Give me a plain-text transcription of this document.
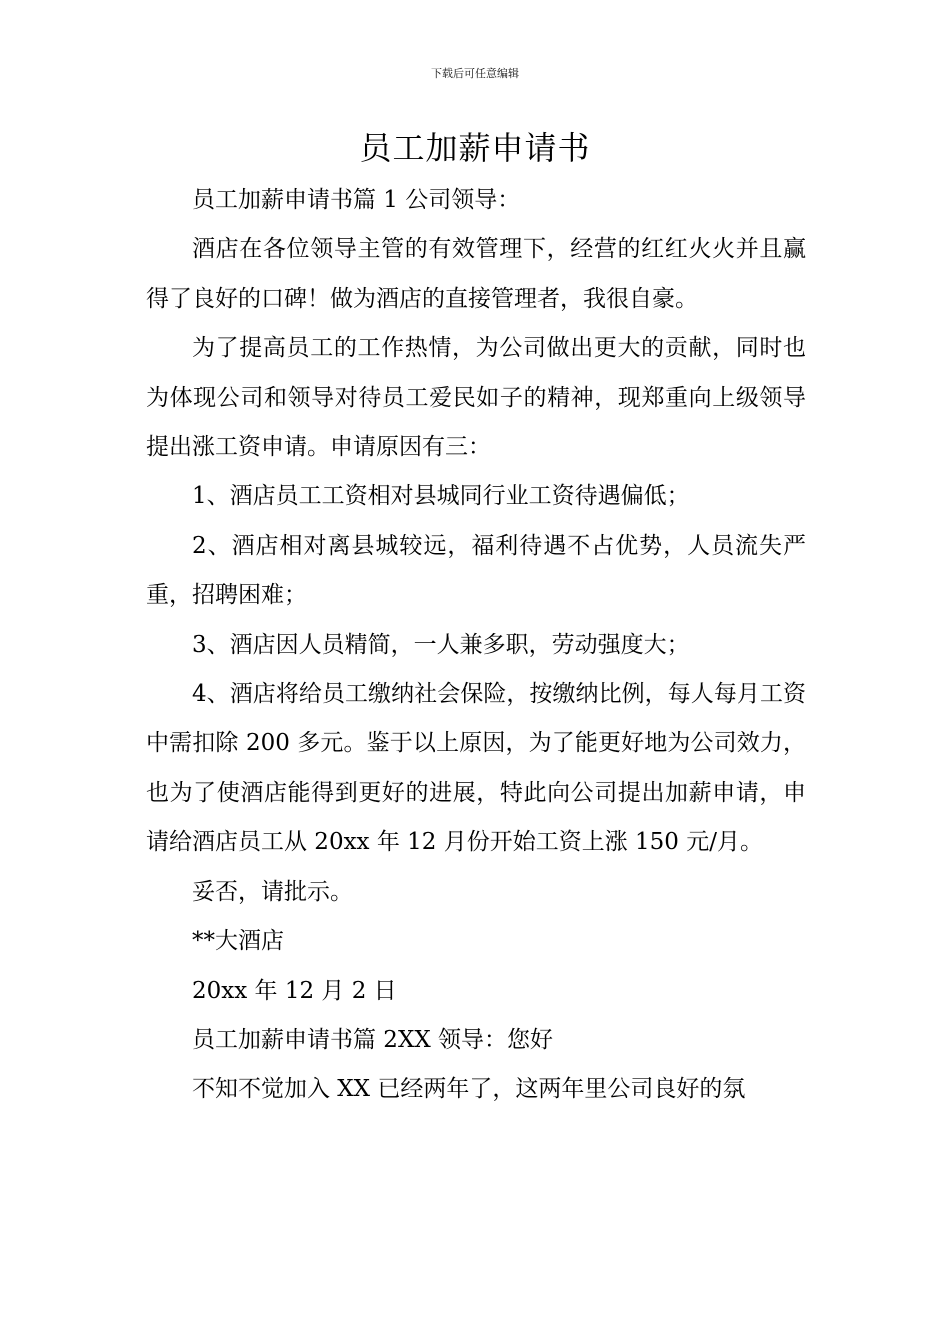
下载后可任意编辑
员工加薪申请书

员工加薪申请书篇 1 公司领导：

酒店在各位领导主管的有效管理下，经营的红红火火并且赢得了良好的口碑！做为酒店的直接管理者，我很自豪。

为了提高员工的工作热情，为公司做出更大的贡献，同时也为体现公司和领导对待员工爱民如子的精神，现郑重向上级领导提出涨工资申请。申请原因有三：

1、酒店员工工资相对县城同行业工资待遇偏低；

2、酒店相对离县城较远，福利待遇不占优势，人员流失严重，招聘困难；

3、酒店因人员精简，一人兼多职，劳动强度大；

4、酒店将给员工缴纳社会保险，按缴纳比例，每人每月工资中需扣除 200 多元。鉴于以上原因，为了能更好地为公司效力，也为了使酒店能得到更好的进展，特此向公司提出加薪申请，申请给酒店员工从 20xx 年 12 月份开始工资上涨 150 元/月。

妥否，请批示。

**大酒店

20xx 年 12 月 2 日

员工加薪申请书篇 2XX 领导：您好

不知不觉加入 XX 已经两年了，这两年里公司良好的氛
